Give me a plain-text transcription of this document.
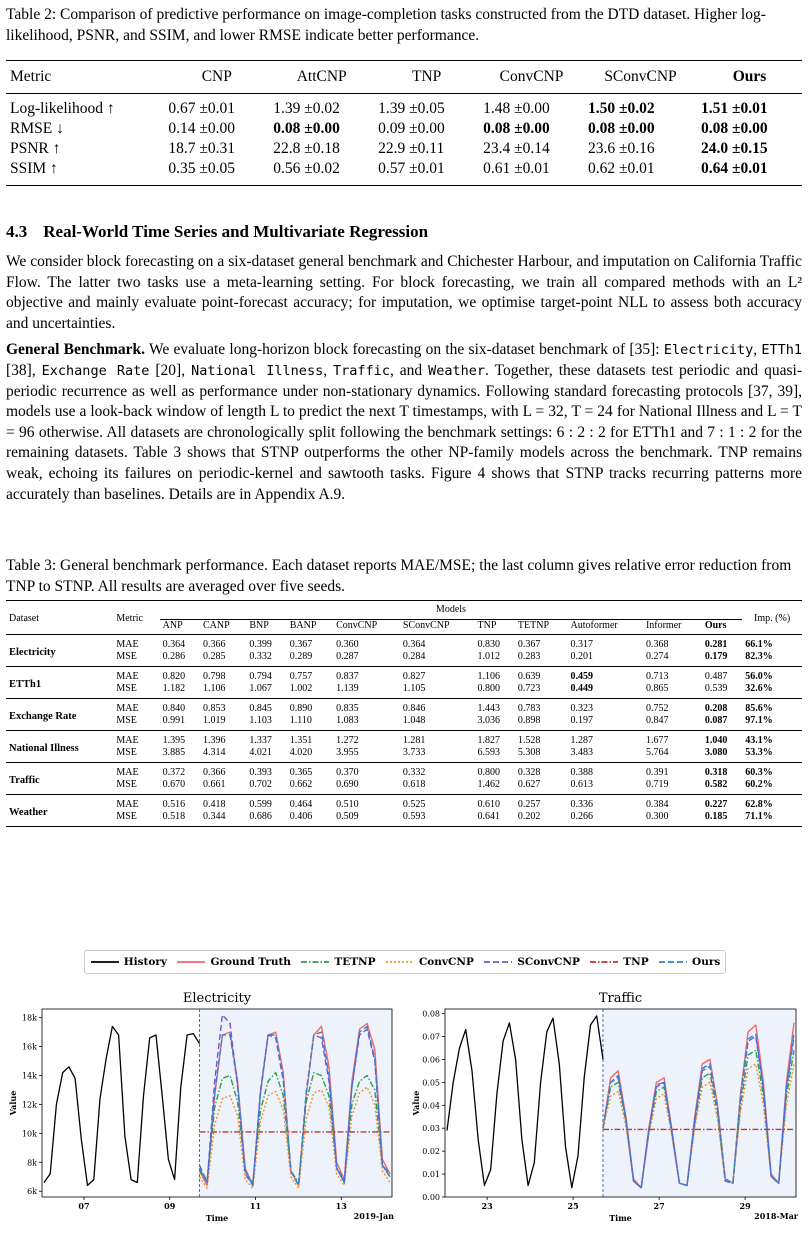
Table 2: Comparison of predictive performance on image-completion tasks constructed from the DTD dataset. Higher log-likelihood, PSNR, and SSIM, and lower RMSE indicate better performance.
Metric	CNP	AttCNP	TNP	ConvCNP	SConvCNP	Ours
Log-likelihood ↑	0.67 ±0.01	1.39 ±0.02	1.39 ±0.05	1.48 ±0.00	1.50 ±0.02	1.51 ±0.01
RMSE ↓	0.14 ±0.00	0.08 ±0.00	0.09 ±0.00	0.08 ±0.00	0.08 ±0.00	0.08 ±0.00
PSNR ↑	18.7 ±0.31	22.8 ±0.18	22.9 ±0.11	23.4 ±0.14	23.6 ±0.16	24.0 ±0.15
SSIM ↑	0.35 ±0.05	0.56 ±0.02	0.57 ±0.01	0.61 ±0.01	0.62 ±0.01	0.64 ±0.01
4.3 Real-World Time Series and Multivariate Regression

We consider block forecasting on a six-dataset general benchmark and Chichester Harbour, and imputation on California Traffic Flow. The latter two tasks use a meta-learning setting. For block forecasting, we train all compared methods with an L² objective and mainly evaluate point-forecast accuracy; for imputation, we optimise target-point NLL to assess both accuracy and uncertainties.

General Benchmark. We evaluate long-horizon block forecasting on the six-dataset benchmark of [35]: Electricity, ETTh1 [38], Exchange Rate [20], National Illness, Traffic, and Weather. Together, these datasets test periodic and quasi-periodic recurrence as well as performance under non-stationary dynamics. Following standard forecasting protocols [37, 39], models use a look-back window of length L to predict the next T timestamps, with L = 32, T = 24 for National Illness and L = T = 96 otherwise. All datasets are chronologically split following the benchmark settings: 6 : 2 : 2 for ETTh1 and 7 : 1 : 2 for the remaining datasets. Table 3 shows that STNP outperforms the other NP-family models across the benchmark. TNP remains weak, echoing its failures on periodic-kernel and sawtooth tasks. Figure 4 shows that STNP tracks recurring patterns more accurately than baselines. Details are in Appendix A.9.

Table 3: General benchmark performance. Each dataset reports MAE/MSE; the last column gives relative error reduction from TNP to STNP. All results are averaged over five seeds.
Dataset	Metric	Models											Imp. (%)
		ANP	CANP	BNP	BANP	ConvCNP	SConvCNP	TNP	TETNP	Autoformer	Informer	Ours	
Electricity	MAE	0.364	0.366	0.399	0.367	0.360	0.364	0.830	0.367	0.317	0.368	0.281	66.1%
	MSE	0.286	0.285	0.332	0.289	0.287	0.284	1.012	0.283	0.201	0.274	0.179	82.3%
ETTh1	MAE	0.820	0.798	0.794	0.757	0.837	0.827	1.106	0.639	0.459	0.713	0.487	56.0%
	MSE	1.182	1.106	1.067	1.002	1.139	1.105	0.800	0.723	0.449	0.865	0.539	32.6%
Exchange Rate	MAE	0.840	0.853	0.845	0.890	0.835	0.846	1.443	0.783	0.323	0.752	0.208	85.6%
	MSE	0.991	1.019	1.103	1.110	1.083	1.048	3.036	0.898	0.197	0.847	0.087	97.1%
National Illness	MAE	1.395	1.396	1.337	1.351	1.272	1.281	1.827	1.528	1.287	1.677	1.040	43.1%
	MSE	3.885	4.314	4.021	4.020	3.955	3.733	6.593	5.308	3.483	5.764	3.080	53.3%
Traffic	MAE	0.372	0.366	0.393	0.365	0.370	0.332	0.800	0.328	0.388	0.391	0.318	60.3%
	MSE	0.670	0.661	0.702	0.662	0.690	0.618	1.462	0.627	0.613	0.719	0.582	60.2%
Weather	MAE	0.516	0.418	0.599	0.464	0.510	0.525	0.610	0.257	0.336	0.384	0.227	62.8%
	MSE	0.518	0.344	0.686	0.406	0.509	0.593	0.641	0.202	0.266	0.300	0.185	71.1%
History	Ground Truth	TETNP	ConvCNP	SConvCNP	TNP	Ours
Electricity
6k
8k
10k
12k
14k
16k
18k
Value
07	09	11	13
Time	2019-Jan
Traffic
0.00
0.01
0.02
0.03
0.04
0.05
0.06
0.07
0.08
Value
23	25	27	29
Time	2018-Mar
